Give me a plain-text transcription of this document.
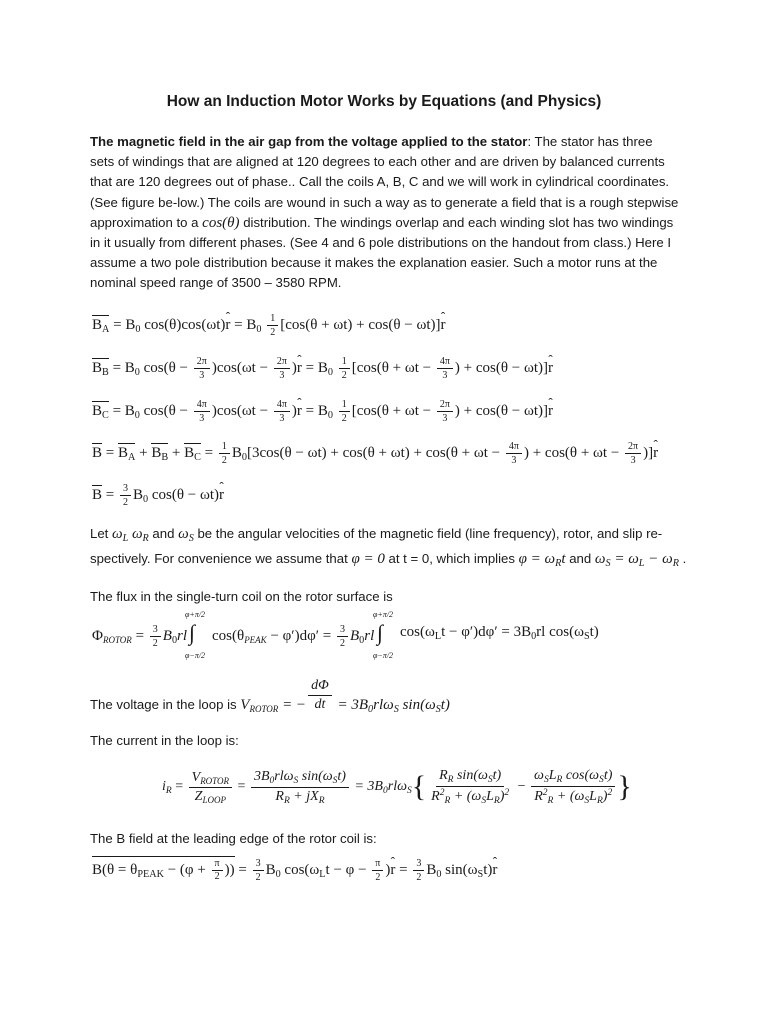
How an Induction Motor Works by Equations (and Physics)
The magnetic field in the air gap from the voltage applied to the stator: The stator has three sets of windings that are aligned at 120 degrees to each other and are driven by balanced currents that are 120 degrees out of phase.. Call the coils A, B, C and we will work in cylindrical coordinates. (See figure be-low.) The coils are wound in such a way as to generate a field that is a rough stepwise approximation to a cos(θ) distribution. The windings overlap and each winding slot has two windings in it usually from different phases. (See 4 and 6 pole distributions on the handout from class.) Here I assume a two pole distribution because it makes the explanation easier. Such a motor runs at the nominal speed range of 3500 – 3580 RPM.
$B_A = B_0$ cos(θ)cos(ωt)r ˆ = $B_0 \frac{1}{2} [\cos(\theta + \omega t) + \cos(\theta - \omega t)]r$ ˆ
$B_B = B_0$ $\cos(\theta - \frac{2\pi}{3} )\cos(\omega t - \frac{2\pi}{3} )r$ ˆ = $B_0 \frac{1}{2} [\cos(\theta + \omega t - \frac{4\pi}{3}$ ) + cos(θ − ωt)]r ˆ
$B_C = B_0$ $\cos(\theta - \frac{4\pi}{3} )\cos(\omega t - \frac{4\pi}{3} )r$ ˆ = $B_0 \frac{1}{2} [\cos(\theta + \omega t - \frac{2\pi}{3}$ ) + cos(θ − ωt)]r ˆ
$B = B_A + B_B + B_C = \frac{1}{2} B_0[3\cos(\theta - \omega t) + \cos(\theta + \omega t) + \cos(\theta + \omega t - \frac{4\pi}{3}$ ) + $\cos(\theta + \omega t - \frac{2\pi}{3} )]r$ ˆ
$B = \frac{3}{2} B_0$ cos(θ − ωt)r ˆ
Let $\omega_L$ $\omega_R$ and $\omega_S$ be the angular velocities of the magnetic field (line frequency), rotor, and slip re-
spectively. For convenience we assume that φ = 0 at t = 0, which implies $\varphi = \omega_Rt$ and $\omega_S = \omega_L - \omega_R$ .
The flux in the single-turn coil on the rotor surface is
$\Phi_{ROTOR} = \frac{3}{2} B_0rl$
φ+π/2
∫
φ−π/2
$\cos(\theta_{PEAK} - \varphi')d\varphi' = \frac{3}{2} B_0rl$
φ+π/2
∫
φ−π/2
$\cos(\omega_Lt - \varphi')d\varphi' = 3B_0rl$ $\cos(\omega_St)$
The voltage in the loop is $V_{ROTOR}$ = − $\frac{d\Phi}{dt} = 3B_0rl\omega_S$ $\sin(\omega_St)$
The current in the loop is:
$i_R = \frac{V_{ROTOR}}{Z_{LOOP}} = \frac{3B_0rl\omega_S \sin(\omega_St)}{R_R + jX_R} = 3B_0rl\omega_S\{ \frac{R_R \sin(\omega_St)}{R^2_R + (\omega_SL_R)^2} - \frac{\omega_SL_R \cos(\omega_St)}{R^2_R + (\omega_SL_R)^2}$ }
The B field at the leading edge of the rotor coil is:
$B(\theta = \theta_{PEAK} - (\varphi + \frac{\pi}{2}$ )) = $\frac{3}{2} B_0$ $\cos(\omega_Lt - \varphi - \frac{\pi}{2} )r$ ˆ = $\frac{3}{2} B_0$ $\sin(\omega_St)r$ ˆ
